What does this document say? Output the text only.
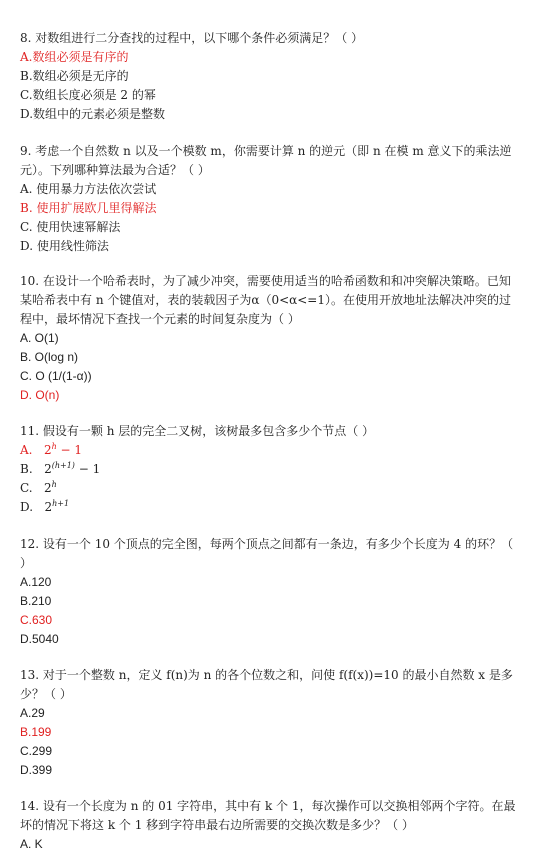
8. 对数组进行二分查找的过程中，以下哪个条件必须满足？（ ）

A.数组必须是有序的

B.数组必须是无序的

C.数组长度必须是 2 的幂

D.数组中的元素必须是整数

9. 考虑一个自然数 n 以及一个模数 m，你需要计算 n 的逆元（即 n 在模 m 意义下的乘法逆元）。下列哪种算法最为合适？（ ）

A. 使用暴力方法依次尝试

B. 使用扩展欧几里得解法

C. 使用快速幂解法

D. 使用线性筛法

10. 在设计一个哈希表时，为了减少冲突，需要使用适当的哈希函数和和冲突解决策略。已知某哈希表中有 n 个键值对，表的装载因子为α（0<α<=1）。在使用开放地址法解决冲突的过程中，最坏情况下查找一个元素的时间复杂度为（ ）

A. O(1)

B. O(log n)

C. O (1/(1-α))

D. O(n)

11. 假设有一颗 h 层的完全二叉树，该树最多包含多少个节点（ ）

A. $2^h - 1$

B. $2^{(h+1)} - 1$

C. 2$^h$

D. $2^{h+1}$

12. 设有一个 10 个顶点的完全图，每两个顶点之间都有一条边，有多少个长度为 4 的环？（ ）

A.120

B.210

C.630

D.5040

13. 对于一个整数 n，定义 f(n)为 n 的各个位数之和，问使 f(f(x))=10 的最小自然数 x 是多少？（ ）

A.29

B.199

C.299

D.399

14. 设有一个长度为 n 的 01 字符串，其中有 k 个 1，每次操作可以交换相邻两个字符。在最坏的情况下将这 k 个 1 移到字符串最右边所需要的交换次数是多少？（ ）

A. K
